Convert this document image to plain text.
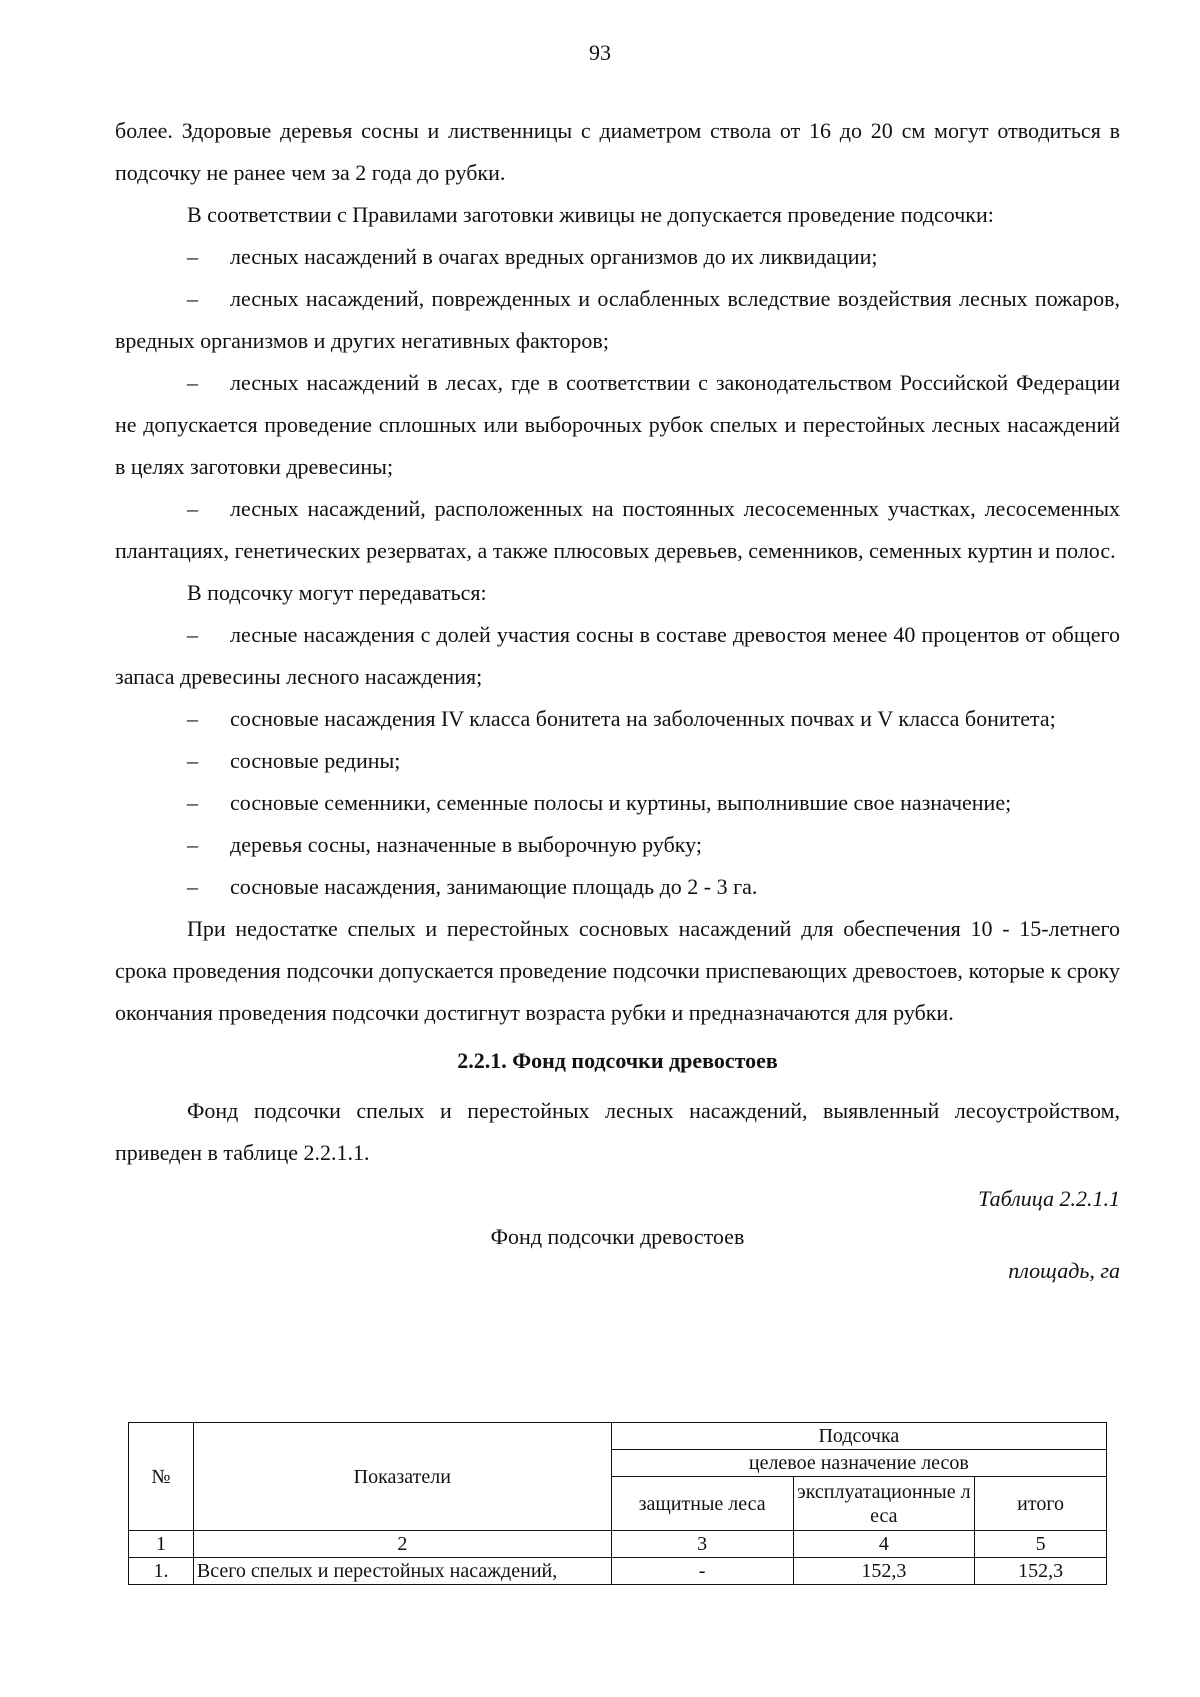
93

более. Здоровые деревья сосны и лиственницы с диаметром ствола от 16 до 20 см могут отводиться в подсочку не ранее чем за 2 года до рубки.

В соответствии с Правилами заготовки живицы не допускается проведение подсочки:

– лесных насаждений в очагах вредных организмов до их ликвидации;

– лесных насаждений, поврежденных и ослабленных вследствие воздействия лесных пожаров, вредных организмов и других негативных факторов;

– лесных насаждений в лесах, где в соответствии с законодательством Российской Федерации не допускается проведение сплошных или выборочных рубок спелых и перестойных лесных насаждений в целях заготовки древесины;

– лесных насаждений, расположенных на постоянных лесосеменных участках, лесосеменных плантациях, генетических резерватах, а также плюсовых деревьев, семенников, семенных куртин и полос.

В подсочку могут передаваться:

– лесные насаждения с долей участия сосны в составе древостоя менее 40 процентов от общего запаса древесины лесного насаждения;

– сосновые насаждения IV класса бонитета на заболоченных почвах и V класса бонитета;

– сосновые редины;

– сосновые семенники, семенные полосы и куртины, выполнившие свое назначение;

– деревья сосны, назначенные в выборочную рубку;

– сосновые насаждения, занимающие площадь до 2 - 3 га.

При недостатке спелых и перестойных сосновых насаждений для обеспечения 10 - 15-летнего срока проведения подсочки допускается проведение подсочки приспевающих древостоев, которые к сроку окончания проведения подсочки достигнут возраста рубки и предназначаются для рубки.

2.2.1. Фонд подсочки древостоев

Фонд подсочки спелых и перестойных лесных насаждений, выявленный лесоустройством, приведен в таблице 2.2.1.1.

Таблица 2.2.1.1

Фонд подсочки древостоев

площадь, га

№	Показатели	Подсочка		
		целевое назначение лесов		
		защитные леса	эксплуатационные леса	итого
1	2	3	4	5
1.	Всего спелых и перестойных насаждений,	-	152,3	152,3
